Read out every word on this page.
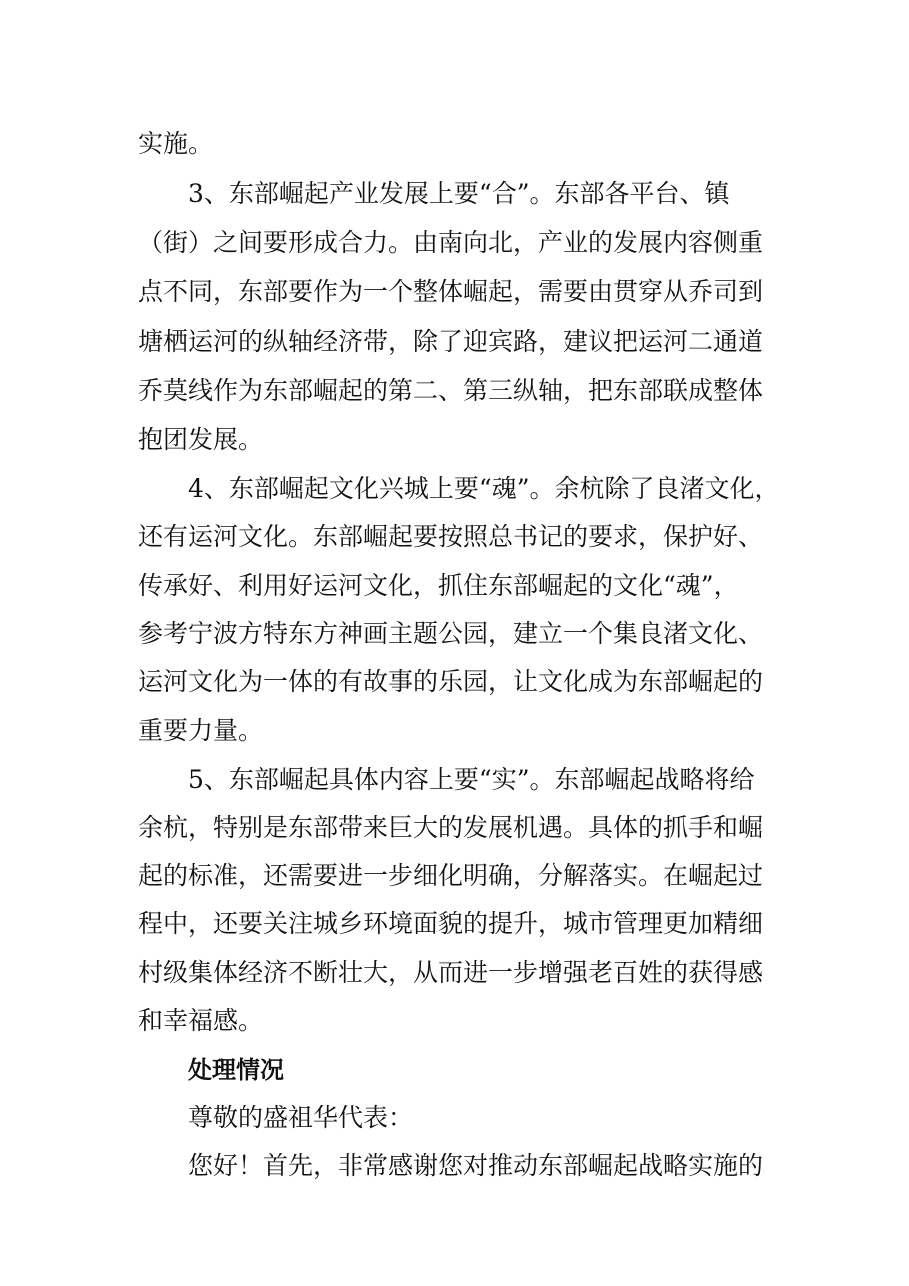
实施。
3、东部崛起产业发展上要“合”。东部各平台、镇
（街）之间要形成合力。由南向北，产业的发展内容侧重
点不同，东部要作为一个整体崛起，需要由贯穿从乔司到
塘栖运河的纵轴经济带，除了迎宾路，建议把运河二通道
乔莫线作为东部崛起的第二、第三纵轴，把东部联成整体
抱团发展。
4、东部崛起文化兴城上要“魂”。余杭除了良渚文化，
还有运河文化。东部崛起要按照总书记的要求，保护好、
传承好、利用好运河文化，抓住东部崛起的文化“魂”，
参考宁波方特东方神画主题公园，建立一个集良渚文化、
运河文化为一体的有故事的乐园，让文化成为东部崛起的
重要力量。
5、东部崛起具体内容上要“实”。东部崛起战略将给
余杭，特别是东部带来巨大的发展机遇。具体的抓手和崛
起的标准，还需要进一步细化明确，分解落实。在崛起过
程中，还要关注城乡环境面貌的提升，城市管理更加精细
村级集体经济不断壮大，从而进一步增强老百姓的获得感
和幸福感。
处理情况
尊敬的盛祖华代表：
您好！首先，非常感谢您对推动东部崛起战略实施的
